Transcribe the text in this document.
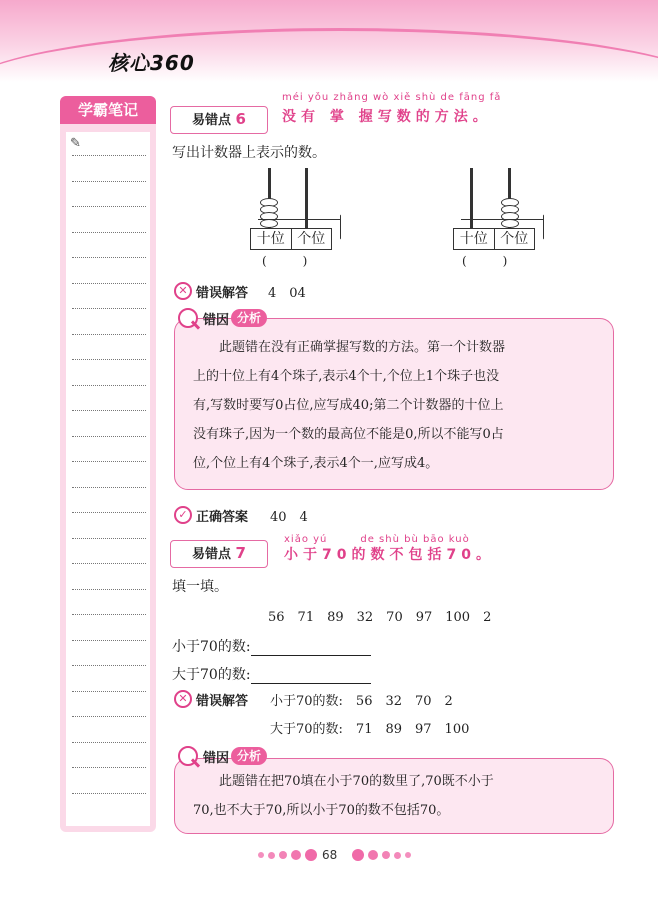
核心360
学霸笔记
✎
易错点 6
méi yǒu zhǎng wò xiě shù de fāng fǎ
没有 掌 握写数的方法。
写出计数器上表示的数。
十位 个位
(　　　)
十位 个位
(　　　)
✕ 错误解答 4　04
错因 分析
此题错在没有正确掌握写数的方法。第一个计数器
上的十位上有4个珠子,表示4个十,个位上1个珠子也没
有,写数时要写0占位,应写成40;第二个计数器的十位上
没有珠子,因为一个数的最高位不能是0,所以不能写0占
位,个位上有4个珠子,表示4个一,应写成4。
✓ 正确答案 40　4
易错点 7
xiǎo yú　　　de shù bù bāo kuò
小于70的数不包括70。
填一填。
56　71　89　32　70　97　100　2
小于70的数:
大于70的数:
✕ 错误解答 小于70的数:　56　32　70　2
大于70的数:　71　89　97　100
错因 分析
此题错在把70填在小于70的数里了,70既不小于
70,也不大于70,所以小于70的数不包括70。
68
